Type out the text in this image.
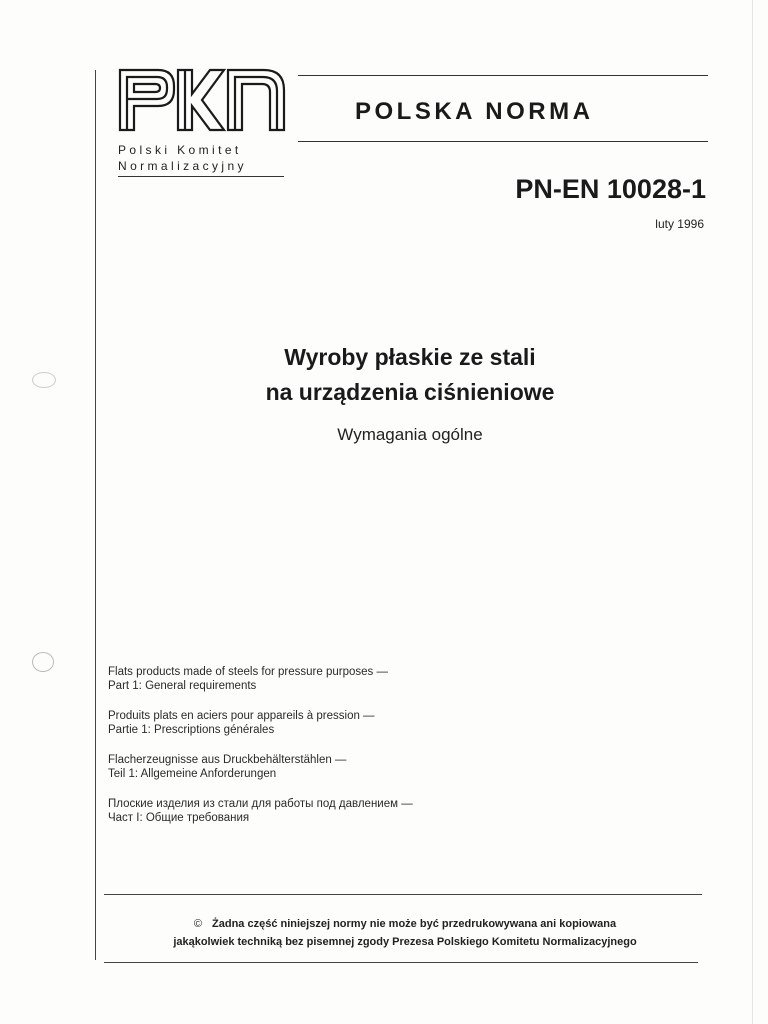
Polski Komitet
Normalizacyjny
POLSKA NORMA
PN-EN 10028-1
luty 1996
Wyroby płaskie ze stali
na urządzenia ciśnieniowe
Wymagania ogólne
Flats products made of steels for pressure purposes —
Part 1: General requirements
Produits plats en aciers pour appareils à pression —
Partie 1: Prescriptions générales
Flacherzeugnisse aus Druckbehälterstählen —
Teil 1: Allgemeine Anforderungen
Плоские изделия из стали для работы под давлением —
Част I: Общие требования
© Żadna część niniejszej normy nie może być przedrukowywana ani kopiowana
jakąkolwiek techniką bez pisemnej zgody Prezesa Polskiego Komitetu Normalizacyjnego
